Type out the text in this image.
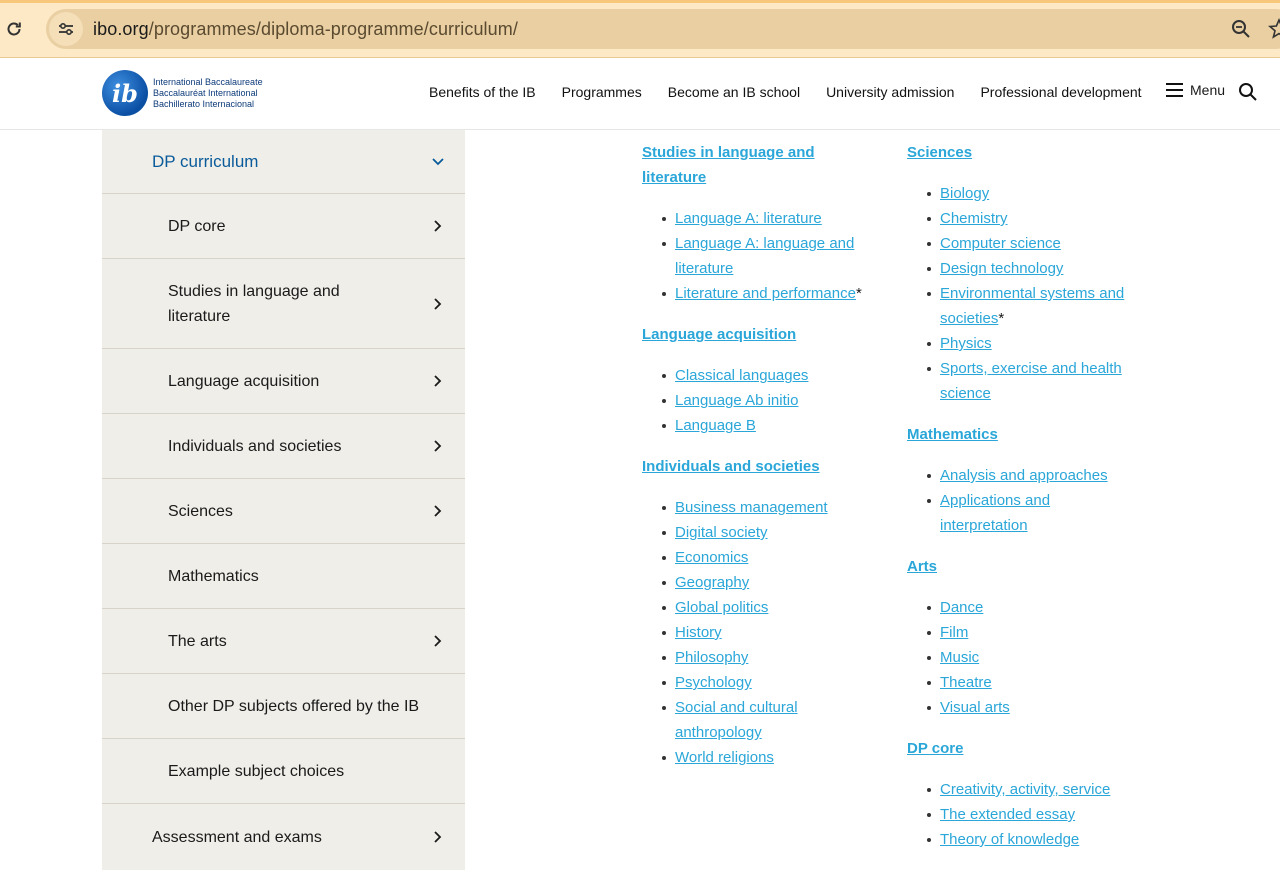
ibo.org/programmes/diploma-programme/curriculum/
ib	International Baccalaureate
Baccalauréat International
Bachillerato Internacional
Benefits of the IB Programmes Become an IB school University admission Professional development	Menu
DP curriculum
DP core
Studies in language and literature
Language acquisition
Individuals and societies
Sciences
Mathematics
The arts
Other DP subjects offered by the IB
Example subject choices
Assessment and exams
Studies in language and literature
Language A: literature
Language A: language and literature
Literature and performance*
Language acquisition
Classical languages
Language Ab initio
Language B
Individuals and societies
Business management
Digital society
Economics
Geography
Global politics
History
Philosophy
Psychology
Social and cultural anthropology
World religions
Sciences
Biology
Chemistry
Computer science
Design technology
Environmental systems and societies*
Physics
Sports, exercise and health science
Mathematics
Analysis and approaches
Applications and interpretation
Arts
Dance
Film
Music
Theatre
Visual arts
DP core
Creativity, activity, service
The extended essay
Theory of knowledge
